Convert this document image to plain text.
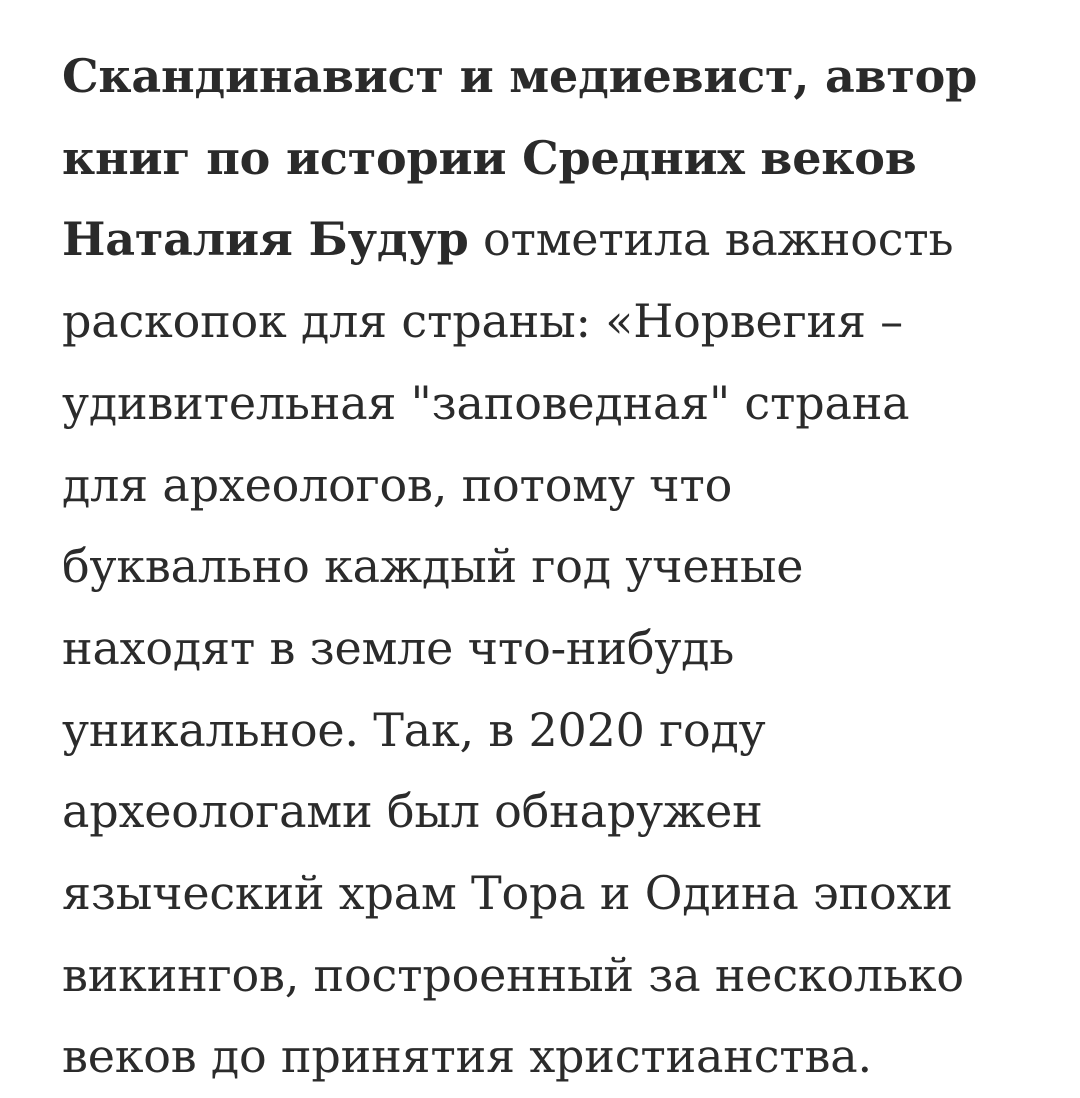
Скандинавист и медиевист, автор
книг по истории Средних веков
Наталия Будур отметила важность
раскопок для страны: «Норвегия –
удивительная "заповедная" страна
для археологов, потому что
буквально каждый год ученые
находят в земле что-нибудь
уникальное. Так, в 2020 году
археологами был обнаружен
языческий храм Тора и Одина эпохи
викингов, построенный за несколько
веков до принятия христианства.
